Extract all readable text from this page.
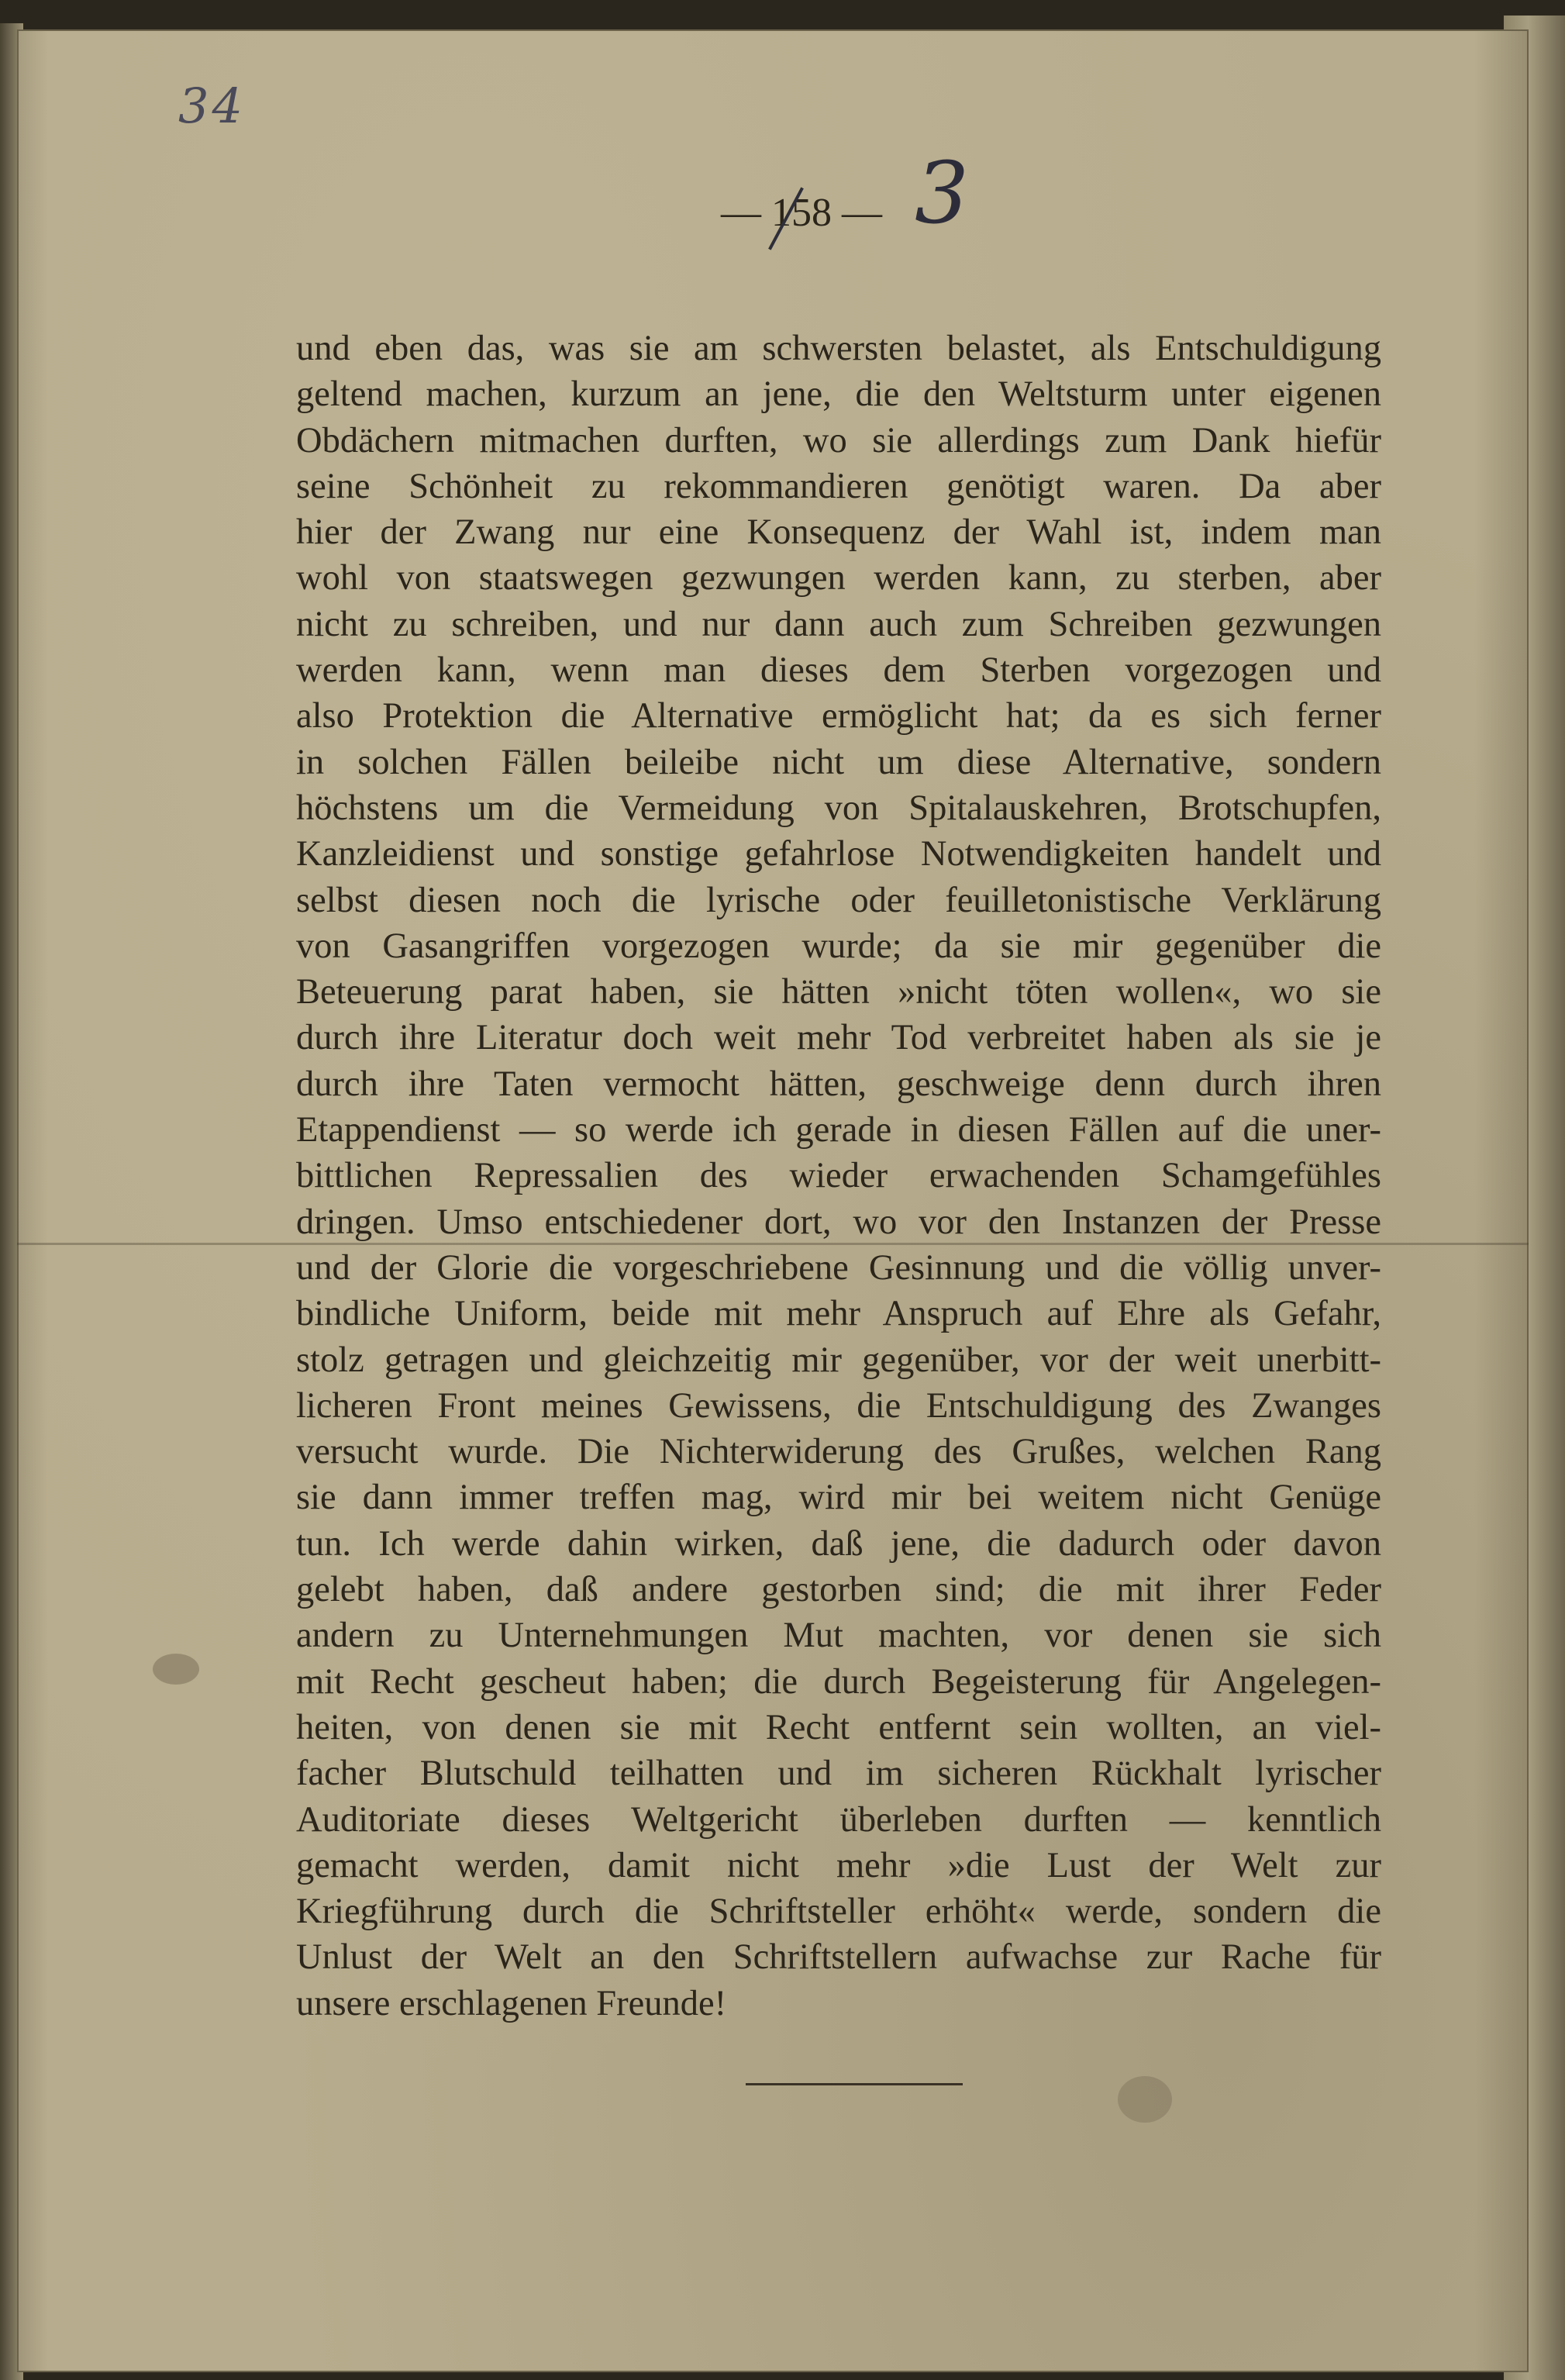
34
— 158 — 3
und eben das, was sie am schwersten belastet, als Entschuldigung
geltend machen, kurzum an jene, die den Weltsturm unter eigenen
Obdächern mitmachen durften, wo sie allerdings zum Dank hiefür
seine Schönheit zu rekommandieren genötigt waren. Da aber
hier der Zwang nur eine Konsequenz der Wahl ist, indem man
wohl von staatswegen gezwungen werden kann, zu sterben, aber
nicht zu schreiben, und nur dann auch zum Schreiben gezwungen
werden kann, wenn man dieses dem Sterben vorgezogen und
also Protektion die Alternative ermöglicht hat; da es sich ferner
in solchen Fällen beileibe nicht um diese Alternative, sondern
höchstens um die Vermeidung von Spitalauskehren, Brotschupfen,
Kanzleidienst und sonstige gefahrlose Notwendigkeiten handelt und
selbst diesen noch die lyrische oder feuilletonistische Verklärung
von Gasangriffen vorgezogen wurde; da sie mir gegenüber die
Beteuerung parat haben, sie hätten »nicht töten wollen«, wo sie
durch ihre Literatur doch weit mehr Tod verbreitet haben als sie je
durch ihre Taten vermocht hätten, geschweige denn durch ihren
Etappendienst — so werde ich gerade in diesen Fällen auf die uner-
bittlichen Repressalien des wieder erwachenden Schamgefühles
dringen. Umso entschiedener dort, wo vor den Instanzen der Presse
und der Glorie die vorgeschriebene Gesinnung und die völlig unver-
bindliche Uniform, beide mit mehr Anspruch auf Ehre als Gefahr,
stolz getragen und gleichzeitig mir gegenüber, vor der weit unerbitt-
licheren Front meines Gewissens, die Entschuldigung des Zwanges
versucht wurde. Die Nichterwiderung des Grußes, welchen Rang
sie dann immer treffen mag, wird mir bei weitem nicht Genüge
tun. Ich werde dahin wirken, daß jene, die dadurch oder davon
gelebt haben, daß andere gestorben sind; die mit ihrer Feder
andern zu Unternehmungen Mut machten, vor denen sie sich
mit Recht gescheut haben; die durch Begeisterung für Angelegen-
heiten, von denen sie mit Recht entfernt sein wollten, an viel-
facher Blutschuld teilhatten und im sicheren Rückhalt lyrischer
Auditoriate dieses Weltgericht überleben durften — kenntlich
gemacht werden, damit nicht mehr »die Lust der Welt zur
Kriegführung durch die Schriftsteller erhöht« werde, sondern die
Unlust der Welt an den Schriftstellern aufwachse zur Rache für
unsere erschlagenen Freunde!
